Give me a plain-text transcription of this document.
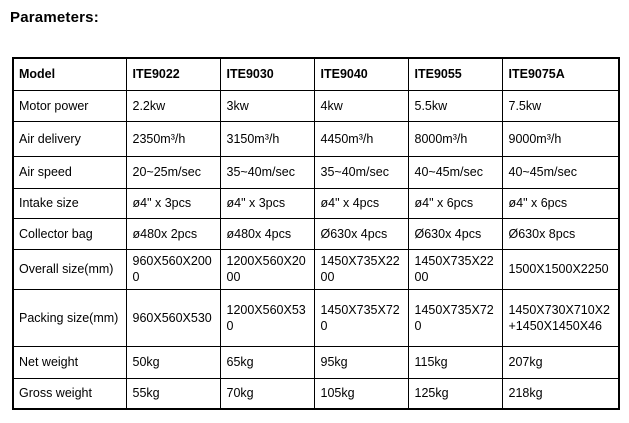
Parameters:
Model	ITE9022	ITE9030	ITE9040	ITE9055	ITE9075A
Motor power	2.2kw	3kw	4kw	5.5kw	7.5kw
Air delivery	2350m³/h	3150m³/h	4450m³/h	8000m³/h	9000m³/h
Air speed	20~25m/sec	35~40m/sec	35~40m/sec	40~45m/sec	40~45m/sec
Intake size	ø4" x 3pcs	ø4" x 3pcs	ø4" x 4pcs	ø4" x 6pcs	ø4" x 6pcs
Collector bag	ø480x 2pcs	ø480x 4pcs	Ø630x 4pcs	Ø630x 4pcs	Ø630x 8pcs
Overall size(mm)	960X560X2000	1200X560X2000	1450X735X2200	1450X735X2200	1500X1500X2250
Packing size(mm)	960X560X530	1200X560X530	1450X735X720	1450X735X720	1450X730X710X2+1450X1450X46
Net weight	50kg	65kg	95kg	115kg	207kg
Gross weight	55kg	70kg	105kg	125kg	218kg
